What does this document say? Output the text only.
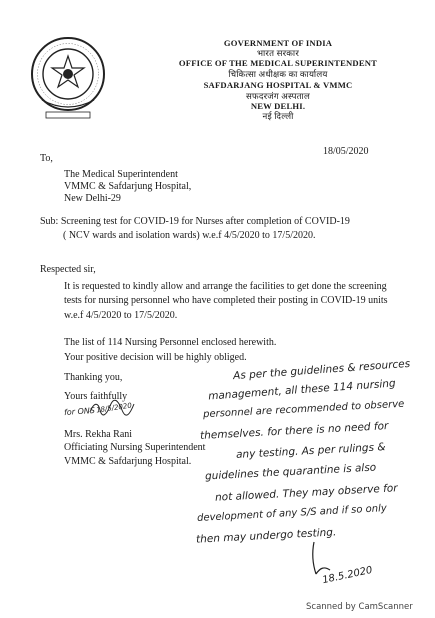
GOVERNMENT OF INDIA
भारत सरकार
OFFICE OF THE MEDICAL SUPERINTENDENT
चिकित्सा अधीक्षक का कार्यालय
SAFDARJANG HOSPITAL & VMMC
सफदरजंग अस्पताल
NEW DELHI.
नई दिल्ली
18/05/2020
To,
The Medical Superintendent
VMMC & Safdarjung Hospital,
New Delhi-29
Sub: Screening test for COVID-19 for Nurses after completion of COVID-19
( NCV wards and isolation wards) w.e.f 4/5/2020 to 17/5/2020.
Respected sir,
It is requested to kindly allow and arrange the facilities to get done the screening
tests for nursing personnel who have completed their posting in COVID-19 units
w.e.f 4/5/2020 to 17/5/2020.
The list of 114 Nursing Personnel enclosed herewith.
Your positive decision will be highly obliged.
Thanking you,
Yours faithfully
for ONS 18/5/2020
Mrs. Rekha Rani
Officiating Nursing Superintendent
VMMC & Safdarjung Hospital.
As per the guidelines & resources
management, all these 114 nursing
personnel are recommended to observe
themselves. for there is no need for
any testing. As per rulings &
guidelines the quarantine is also
not allowed. They may observe for
development of any S/S and if so only
then may undergo testing.
18.5.2020
Scanned by CamScanner
